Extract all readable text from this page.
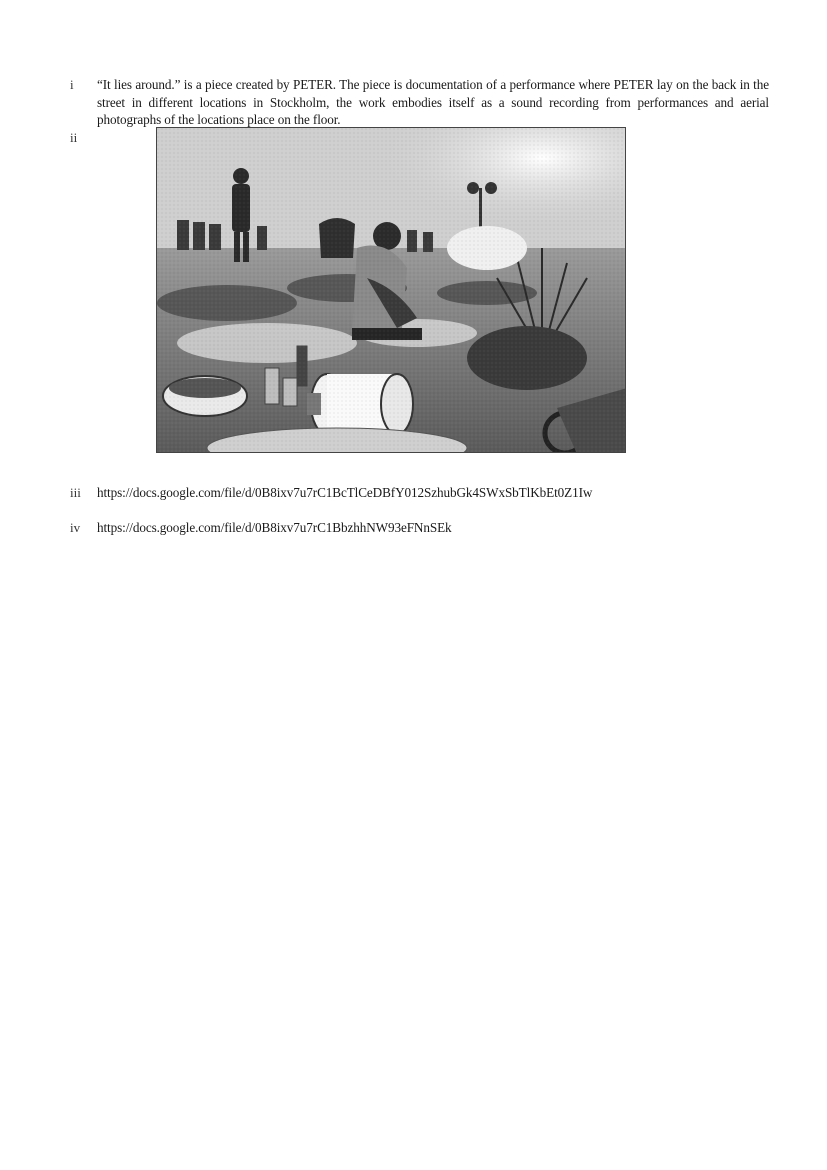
i “It lies around.” is a piece created by PETER. The piece is documentation of a performance where PETER lay on the back in the street in different locations in Stockholm, the work embodies itself as a sound recording from performances and aerial photographs of the locations place on the floor.
ii
iii https://docs.google.com/file/d/0B8ixv7u7rC1BcTlCeDBfY012SzhubGk4SWxSbTlKbEt0Z1Iw
iv https://docs.google.com/file/d/0B8ixv7u7rC1BbzhhNW93eFNnSEk
